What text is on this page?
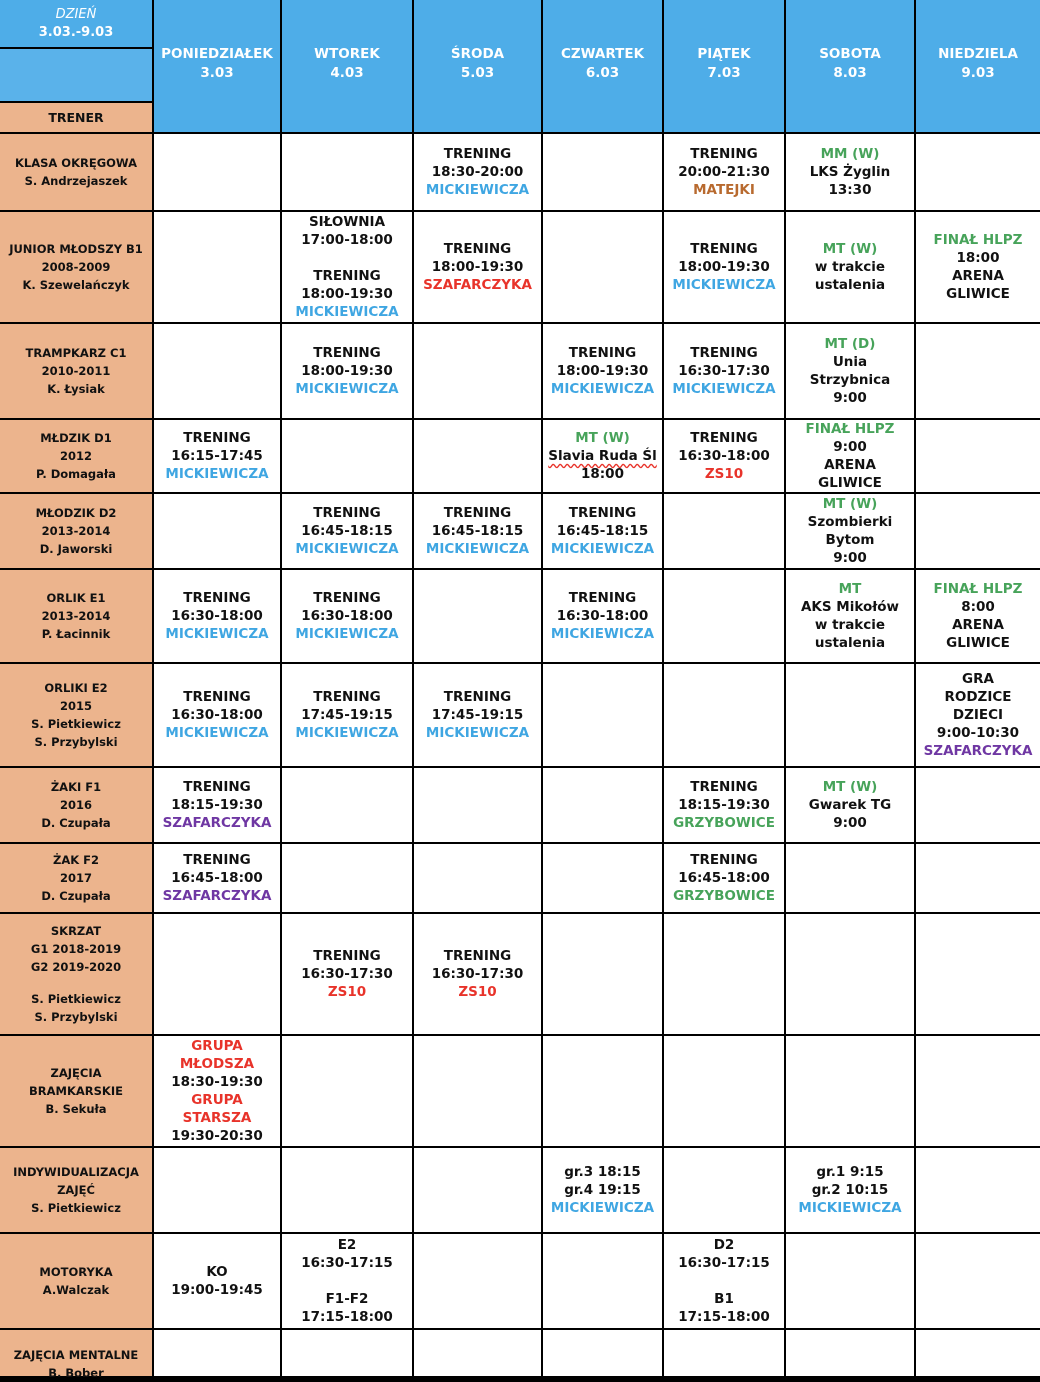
DZIEŃ
3.03.-9.03
TRENER
PONIEDZIAŁEK
3.03
WTOREK
4.03
ŚRODA
5.03
CZWARTEK
6.03
PIĄTEK
7.03
SOBOTA
8.03
NIEDZIELA
9.03
KLASA OKRĘGOWA
S. Andrzejaszek
TRENING
18:30-20:00
MICKIEWICZA
TRENING
20:00-21:30
MATEJKI
MM (W)
LKS Żyglin
13:30
JUNIOR MŁODSZY B1
2008-2009
K. Szewelańczyk
SIŁOWNIA
17:00-18:00
TRENING
18:00-19:30
MICKIEWICZA
TRENING
18:00-19:30
SZAFARCZYKA
TRENING
18:00-19:30
MICKIEWICZA
MT (W)
w trakcie
ustalenia
FINAŁ HLPZ
18:00
ARENA
GLIWICE
TRAMPKARZ C1
2010-2011
K. Łysiak
TRENING
18:00-19:30
MICKIEWICZA
TRENING
18:00-19:30
MICKIEWICZA
TRENING
16:30-17:30
MICKIEWICZA
MT (D)
Unia
Strzybnica
9:00
MŁDZIK D1
2012
P. Domagała
TRENING
16:15-17:45
MICKIEWICZA
MT (W)
Slavia Ruda Śl
18:00
TRENING
16:30-18:00
ZS10
FINAŁ HLPZ
9:00
ARENA
GLIWICE
MŁODZIK D2
2013-2014
D. Jaworski
TRENING
16:45-18:15
MICKIEWICZA
TRENING
16:45-18:15
MICKIEWICZA
TRENING
16:45-18:15
MICKIEWICZA
MT (W)
Szombierki
Bytom
9:00
ORLIK E1
2013-2014
P. Łacinnik
TRENING
16:30-18:00
MICKIEWICZA
TRENING
16:30-18:00
MICKIEWICZA
TRENING
16:30-18:00
MICKIEWICZA
MT
AKS Mikołów
w trakcie
ustalenia
FINAŁ HLPZ
8:00
ARENA
GLIWICE
ORLIKI E2
2015
S. Pietkiewicz
S. Przybylski
TRENING
16:30-18:00
MICKIEWICZA
TRENING
17:45-19:15
MICKIEWICZA
TRENING
17:45-19:15
MICKIEWICZA
GRA
RODZICE
DZIECI
9:00-10:30
SZAFARCZYKA
ŻAKI F1
2016
D. Czupała
TRENING
18:15-19:30
SZAFARCZYKA
TRENING
18:15-19:30
GRZYBOWICE
MT (W)
Gwarek TG
9:00
ŻAK F2
2017
D. Czupała
TRENING
16:45-18:00
SZAFARCZYKA
TRENING
16:45-18:00
GRZYBOWICE
SKRZAT
G1 2018-2019
G2 2019-2020
S. Pietkiewicz
S. Przybylski
TRENING
16:30-17:30
ZS10
TRENING
16:30-17:30
ZS10
ZAJĘCIA
BRAMKARSKIE
B. Sekuła
GRUPA
MŁODSZA
18:30-19:30
GRUPA
STARSZA
19:30-20:30
INDYWIDUALIZACJA
ZAJĘĆ
S. Pietkiewicz
gr.3 18:15
gr.4 19:15
MICKIEWICZA
gr.1 9:15
gr.2 10:15
MICKIEWICZA
MOTORYKA
A.Walczak
KO
19:00-19:45
E2
16:30-17:15
F1-F2
17:15-18:00
D2
16:30-17:15
B1
17:15-18:00
ZAJĘCIA MENTALNE
B. Bober
